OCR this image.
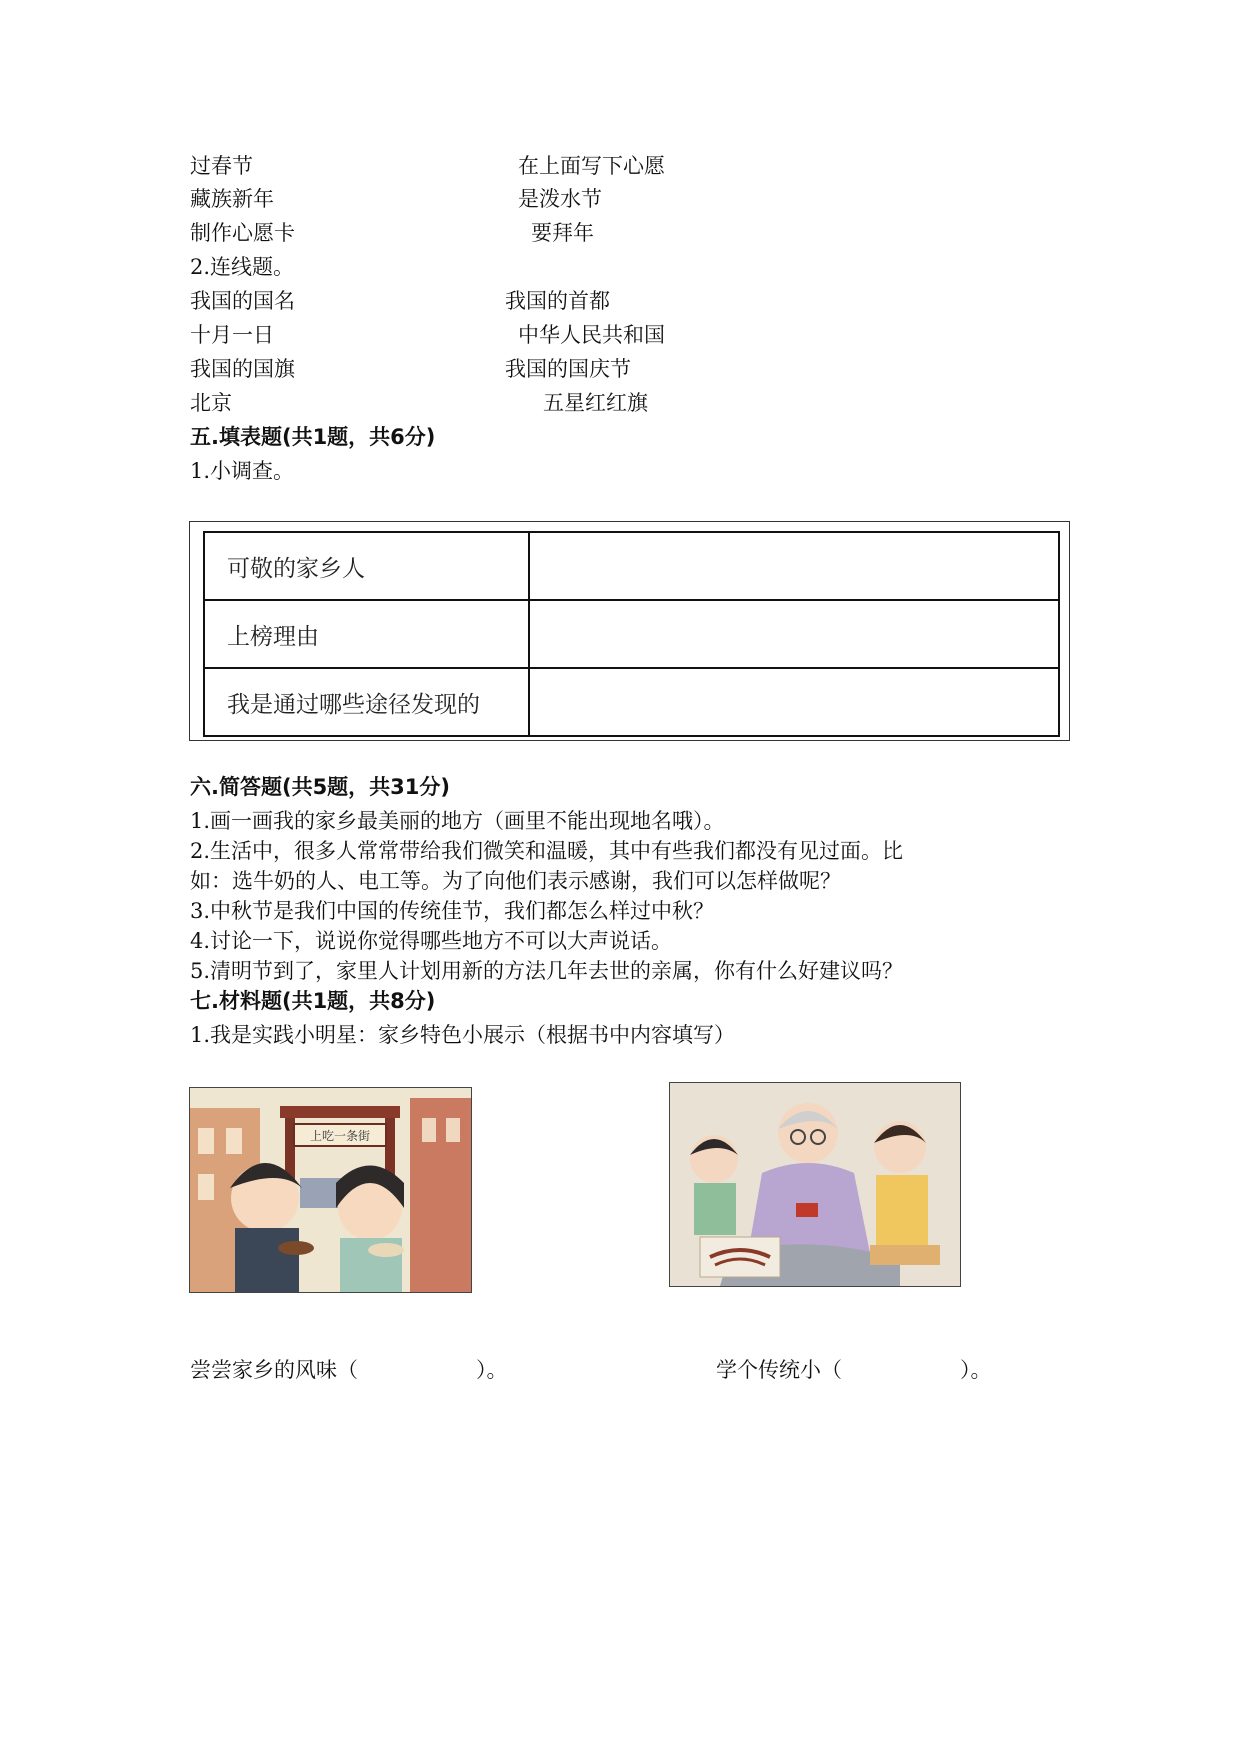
过春节	在上面写下心愿
藏族新年	是泼水节
制作心愿卡	要拜年
2.连线题。
我国的国名	我国的首都
十月一日	中华人民共和国
我国的国旗	我国的国庆节
北京	五星红红旗
五.填表题(共1题，共6分)
1.小调查。
可敬的家乡人	
上榜理由	
我是通过哪些途径发现的	
六.简答题(共5题，共31分)
1.画一画我的家乡最美丽的地方（画里不能出现地名哦）。
2.生活中，很多人常常带给我们微笑和温暖，其中有些我们都没有见过面。比
如：选牛奶的人、电工等。为了向他们表示感谢，我们可以怎样做呢？
3.中秋节是我们中国的传统佳节，我们都怎么样过中秋？
4.讨论一下，说说你觉得哪些地方不可以大声说话。
5.清明节到了，家里人计划用新的方法几年去世的亲属，你有什么好建议吗？
七.材料题(共1题，共8分)
1.我是实践小明星：家乡特色小展示（根据书中内容填写）
上吃一条街
尝尝家乡的风味（	）。	学个传统小（	）。
